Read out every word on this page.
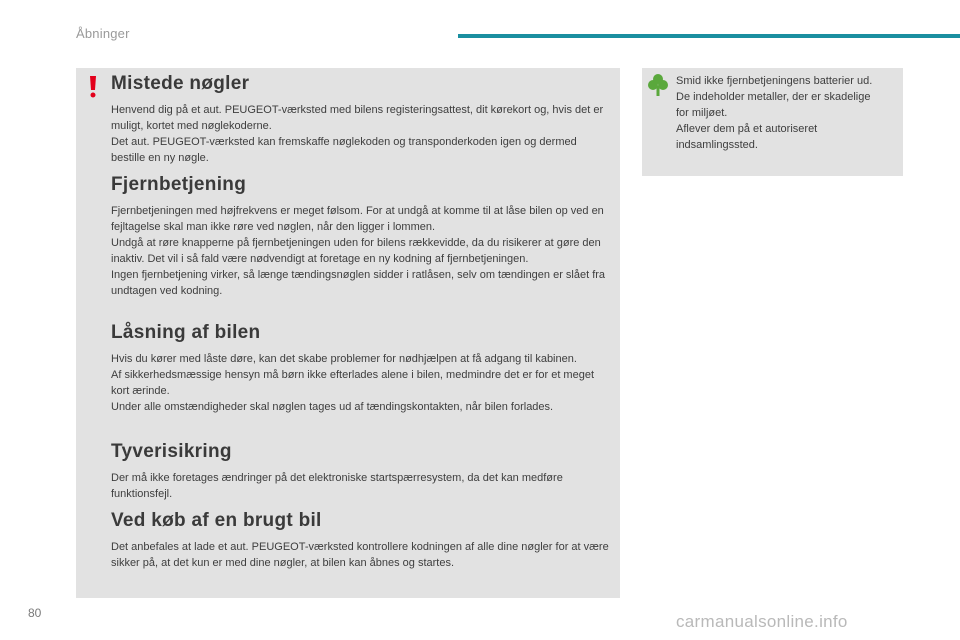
Åbninger
Mistede nøgler

Henvend dig på et aut. PEUGEOT-værksted med bilens registeringsattest, dit kørekort og, hvis det er muligt, kortet med nøglekoderne.
Det aut. PEUGEOT-værksted kan fremskaffe nøglekoden og transponderkoden igen og dermed bestille en ny nøgle.

Fjernbetjening

Fjernbetjeningen med højfrekvens er meget følsom. For at undgå at komme til at låse bilen op ved en fejltagelse skal man ikke røre ved nøglen, når den ligger i lommen.
Undgå at røre knapperne på fjernbetjeningen uden for bilens rækkevidde, da du risikerer at gøre den inaktiv. Det vil i så fald være nødvendigt at foretage en ny kodning af fjernbetjeningen.
Ingen fjernbetjening virker, så længe tændingsnøglen sidder i ratlåsen, selv om tændingen er slået fra undtagen ved kodning.

Låsning af bilen

Hvis du kører med låste døre, kan det skabe problemer for nødhjælpen at få adgang til kabinen.
Af sikkerhedsmæssige hensyn må børn ikke efterlades alene i bilen, medmindre det er for et meget kort ærinde.
Under alle omstændigheder skal nøglen tages ud af tændingskontakten, når bilen forlades.

Tyverisikring

Der må ikke foretages ændringer på det elektroniske startspærresystem, da det kan medføre funktionsfejl.

Ved køb af en brugt bil

Det anbefales at lade et aut. PEUGEOT-værksted kontrollere kodningen af alle dine nøgler for at være sikker på, at det kun er med dine nøgler, at bilen kan åbnes og startes.

Smid ikke fjernbetjeningens batterier ud. De indeholder metaller, der er skadelige for miljøet.
Aflever dem på et autoriseret indsamlingssted.

80	carmanualsonline.info
